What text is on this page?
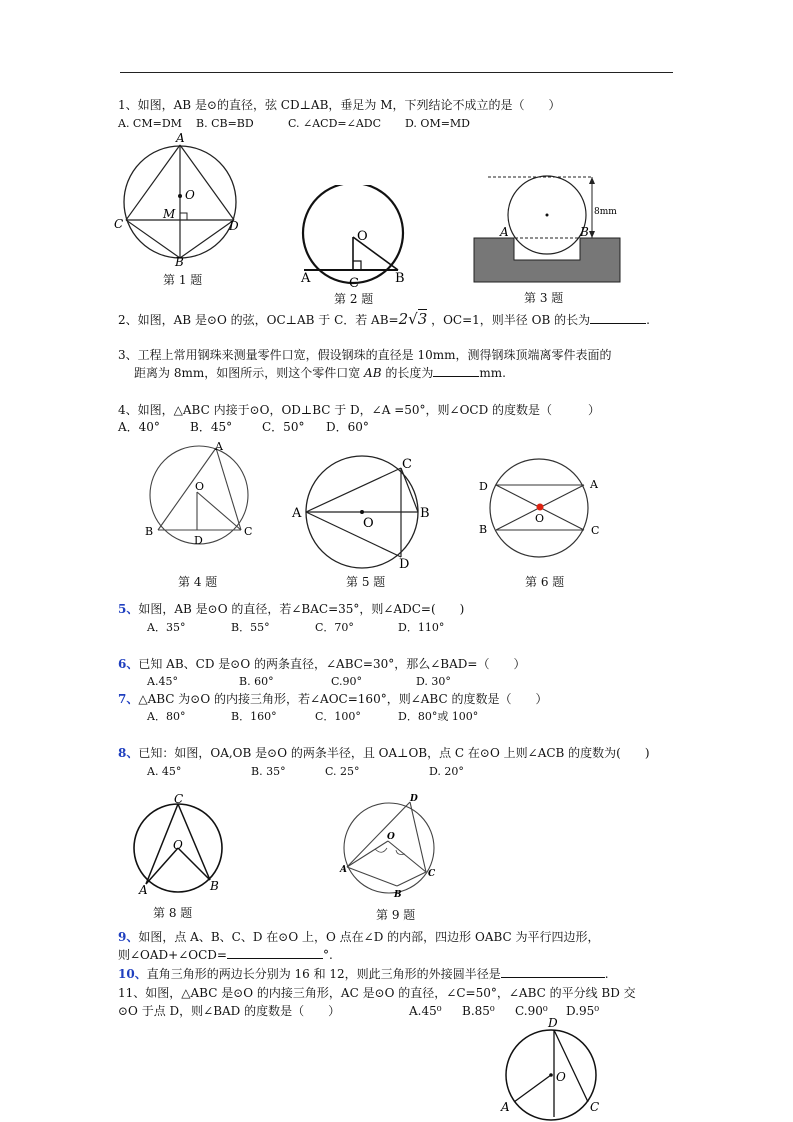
1、如图，AB 是⊙的直径，弦 CD⊥AB，垂足为 M，下列结论不成立的是（　　）
A. CM=DM B. CB=BD	C. ∠ACD=∠ADC D. OM=MD
A
O
M
C	D
B
第 1 题
O
A	C	B
第 2 题
A	B
8mm
第 3 题
2、如图，AB 是⊙O 的弦，OC⊥AB 于 C．若 AB=2√3 ，OC=1，则半径 OB 的长为	.
3、工程上常用钢珠来测量零件口宽，假设钢珠的直径是 10mm，测得钢珠顶端离零件表面的
距离为 8mm，如图所示，则这个零件口宽 AB 的长度为	mm.
4、如图，△ABC 内接于⊙O，OD⊥BC 于 D，∠A =50°，则∠OCD 的度数是（　　　）
A．40°	B．45° C．50° D．60°
A
O
B	C
D
第 4 题
A	B
C
D
O
第 5 题
D	A
B	C
O
第 6 题
5、如图，AB 是⊙O 的直径，若∠BAC=35°，则∠ADC=(　　)
A．35°	B．55°	C．70°	D．110°
6、已知 AB、CD 是⊙O 的两条直径，∠ABC=30°，那么∠BAD=（　　）
A.45°	B. 60°	C.90°	D. 30°
7、△ABC 为⊙O 的内接三角形，若∠AOC=160°，则∠ABC 的度数是（　　）
A．80°	B．160°	C．100°	D．80°或 100°
8、已知：如图，OA,OB 是⊙O 的两条半径，且 OA⊥OB，点 C 在⊙O 上则∠ACB 的度数为(　　)
A. 45°	B. 35°	C. 25°	D. 20°
C
O
A	B
第 8 题
D
O
A
B
C
第 9 题
9、如图，点 A、B、C、D 在⊙O 上，O 点在∠D 的内部，四边形 OABC 为平行四边形，
则∠OAD+∠OCD=	°.
10、直角三角形的两边长分别为 16 和 12，则此三角形的外接圆半径是	.
11、如图，△ABC 是⊙O 的内接三角形，AC 是⊙O 的直径，∠C=50°，∠ABC 的平分线 BD 交
⊙O 于点 D，则∠BAD 的度数是（　　）	A.45⁰ B.85⁰ C.90⁰ D.95⁰
D
O
A	C
